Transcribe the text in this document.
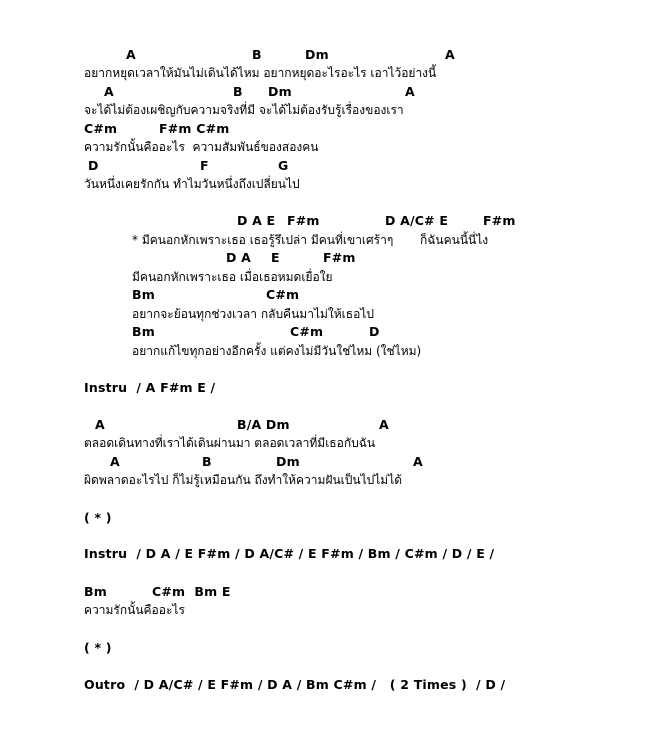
A	B	Dm	A
อยากหยุดเวลาให้มันไม่เดินได้ไหม อยากหยุดอะไรอะไร เอาไว้อย่างนี้
A	B Dm	A
จะได้ไม่ต้องเผชิญกับความจริงที่มี จะได้ไม่ต้องรับรู้เรื่องของเรา
C#m	F#m C#m
ความรักนั้นคืออะไร  ความสัมพันธ์ของสองคน
D	F	G
วันหนึ่งเคยรักกัน ทำไมวันหนึ่งถึงเปลี่ยนไป
D A E F#m	D A/C# E	F#m
* มีคนอกหักเพราะเธอ เธอรู้รึเปล่า มีคนที่เขาเศร้าๆ       ก็ฉันคนนี้นี่ไง
D A E	F#m
มีคนอกหักเพราะเธอ เมื่อเธอหมดเยื่อใย
Bm	C#m
อยากจะย้อนทุกช่วงเวลา กลับคืนมาไม่ให้เธอไป
Bm	C#m	D
อยากแก้ไขทุกอย่างอีกครั้ง แต่คงไม่มีวันใช่ไหม (ใช่ไหม)
Instru  / A F#m E /
A	B/A Dm	A
ตลอดเดินทางที่เราได้เดินผ่านมา ตลอดเวลาที่มีเธอกับฉัน
A	B	Dm	A
ผิดพลาดอะไรไป ก็ไม่รู้เหมือนกัน ถึงทำให้ความฝันเป็นไปไม่ได้
( * )
Instru  / D A / E F#m / D A/C# / E F#m / Bm / C#m / D / E /
Bm	C#m  Bm E
ความรักนั้นคืออะไร
( * )
Outro  / D A/C# / E F#m / D A / Bm C#m /   ( 2 Times )  / D /
